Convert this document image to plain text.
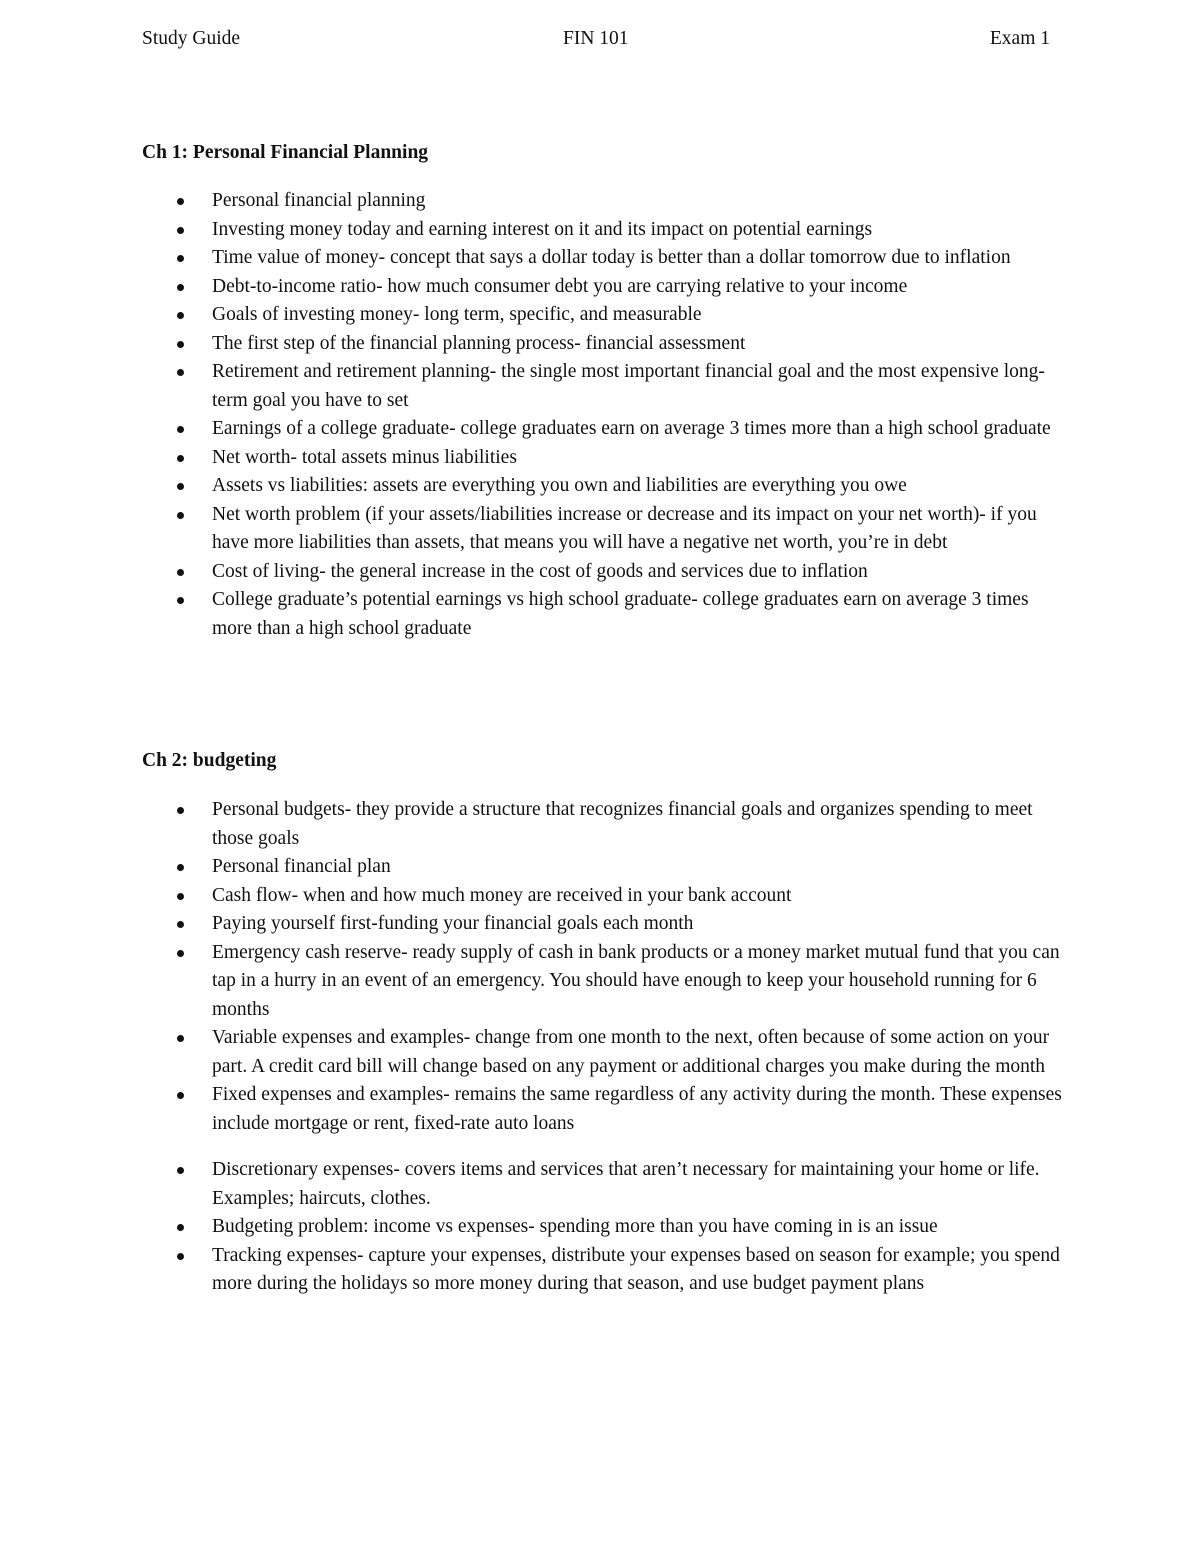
Study Guide	FIN 101	Exam 1
Ch 1: Personal Financial Planning
Personal financial planning
Investing money today and earning interest on it and its impact on potential earnings
Time value of money- concept that says a dollar today is better than a dollar tomorrow due to inflation
Debt-to-income ratio- how much consumer debt you are carrying relative to your income
Goals of investing money- long term, specific, and measurable
The first step of the financial planning process- financial assessment
Retirement and retirement planning- the single most important financial goal and the most expensive long-term goal you have to set
Earnings of a college graduate- college graduates earn on average 3 times more than a high school graduate
Net worth- total assets minus liabilities
Assets vs liabilities: assets are everything you own and liabilities are everything you owe
Net worth problem (if your assets/liabilities increase or decrease and its impact on your net worth)- if you have more liabilities than assets, that means you will have a negative net worth, you’re in debt
Cost of living- the general increase in the cost of goods and services due to inflation
College graduate’s potential earnings vs high school graduate- college graduates earn on average 3 times more than a high school graduate
Ch 2: budgeting
Personal budgets- they provide a structure that recognizes financial goals and organizes spending to meet those goals
Personal financial plan
Cash flow- when and how much money are received in your bank account
Paying yourself first-funding your financial goals each month
Emergency cash reserve- ready supply of cash in bank products or a money market mutual fund that you can tap in a hurry in an event of an emergency. You should have enough to keep your household running for 6 months
Variable expenses and examples- change from one month to the next, often because of some action on your part. A credit card bill will change based on any payment or additional charges you make during the month
Fixed expenses and examples- remains the same regardless of any activity during the month. These expenses include mortgage or rent, fixed-rate auto loans
Discretionary expenses- covers items and services that aren’t necessary for maintaining your home or life. Examples; haircuts, clothes.
Budgeting problem: income vs expenses- spending more than you have coming in is an issue
Tracking expenses- capture your expenses, distribute your expenses based on season for example; you spend more during the holidays so more money during that season, and use budget payment plans
